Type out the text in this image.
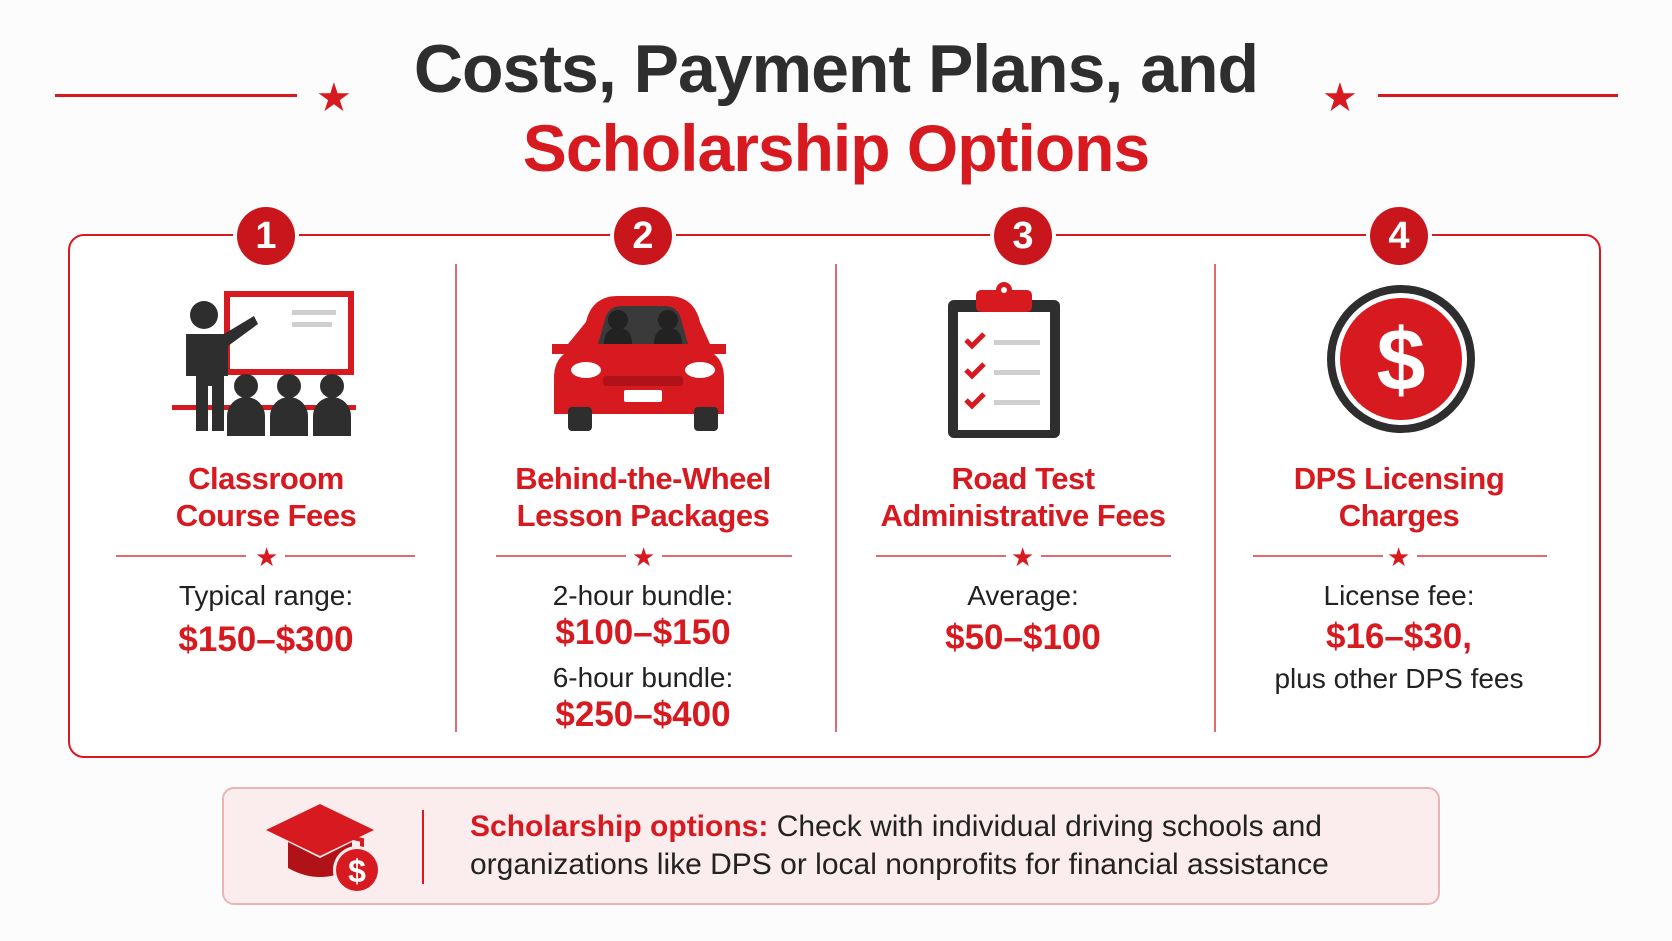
★ Costs, Payment Plans, and	★
Scholarship Options
1	2	3	4
$
Classroom
Course Fees
Behind-the-Wheel
Lesson Packages
Road Test
Administrative Fees
DPS Licensing
Charges
★	★	★	★
Typical range:
$150–$300
2-hour bundle:
$100–$150
6-hour bundle:
$250–$400
Average:
$50–$100
License fee:
$16–$30,
plus other DPS fees
$
Scholarship options: Check with individual driving schools and organizations like DPS or local nonprofits for financial assistance
